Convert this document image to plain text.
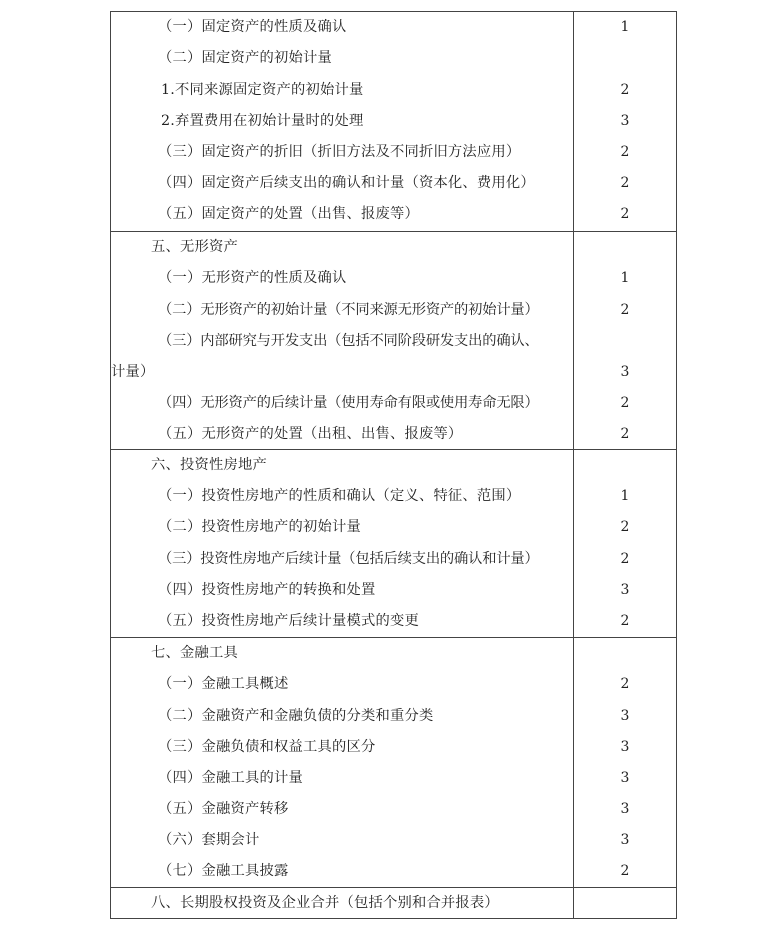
（一）固定资产的性质及确认	1
（二）固定资产的初始计量
1.不同来源固定资产的初始计量	2
2.弃置费用在初始计量时的处理	3
（三）固定资产的折旧（折旧方法及不同折旧方法应用）	2
（四）固定资产后续支出的确认和计量（资本化、费用化）	2
（五）固定资产的处置（出售、报废等）	2
五、无形资产
（一）无形资产的性质及确认	1
（二）无形资产的初始计量（不同来源无形资产的初始计量）	2
（三）内部研究与开发支出（包括不同阶段研发支出的确认、
计量）	3
（四）无形资产的后续计量（使用寿命有限或使用寿命无限）	2
（五）无形资产的处置（出租、出售、报废等）	2
六、投资性房地产
（一）投资性房地产的性质和确认（定义、特征、范围）	1
（二）投资性房地产的初始计量	2
（三）投资性房地产后续计量（包括后续支出的确认和计量）	2
（四）投资性房地产的转换和处置	3
（五）投资性房地产后续计量模式的变更	2
七、金融工具
（一）金融工具概述	2
（二）金融资产和金融负债的分类和重分类	3
（三）金融负债和权益工具的区分	3
（四）金融工具的计量	3
（五）金融资产转移	3
（六）套期会计	3
（七）金融工具披露	2
八、长期股权投资及企业合并（包括个别和合并报表）
